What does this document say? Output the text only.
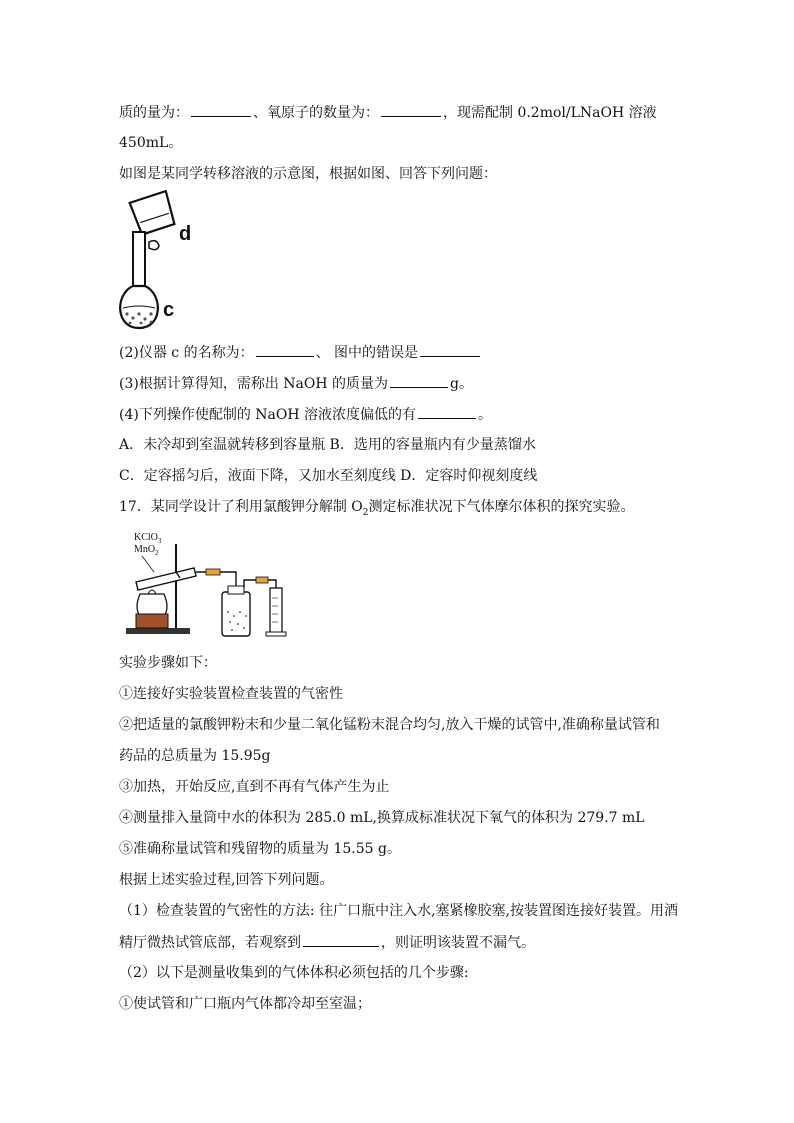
质的量为：	、氧原子的数量为：	，现需配制 0.2mol/LNaOH 溶液
450mL。
如图是某同学转移溶液的示意图，根据如图、回答下列问题：
d
c
(2)仪器 c 的名称为：	、 图中的错误是
(3)根据计算得知，需称出 NaOH 的质量为	g。
(4)下列操作使配制的 NaOH 溶液浓度偏低的有	。
A．未冷却到室温就转移到容量瓶 B．选用的容量瓶内有少量蒸馏水
C．定容摇匀后，液面下降，又加水至刻度线 D．定容时仰视刻度线
17．某同学设计了利用氯酸钾分解制 $O_2$测定标准状况下气体摩尔体积的探究实验。
KClO$_3$
MnO$_2$
实验步骤如下：
①连接好实验装置检查装置的气密性
②把适量的氯酸钾粉末和少量二氧化锰粉末混合均匀,放入干燥的试管中,准确称量试管和
药品的总质量为 15.95g
③加热，开始反应,直到不再有气体产生为止
④测量排入量筒中水的体积为 285.0 mL,换算成标准状况下氧气的体积为 279.7 mL
⑤准确称量试管和残留物的质量为 15.55 g。
根据上述实验过程,回答下列问题。
（1）检查装置的气密性的方法: 往广口瓶中注入水,塞紧橡胶塞,按装置图连接好装置。用酒
精厅微热试管底部，若观察到	，则证明该装置不漏气。
（2）以下是测量收集到的气体体积必须包括的几个步骤:
①使试管和广口瓶内气体都冷却至室温；
